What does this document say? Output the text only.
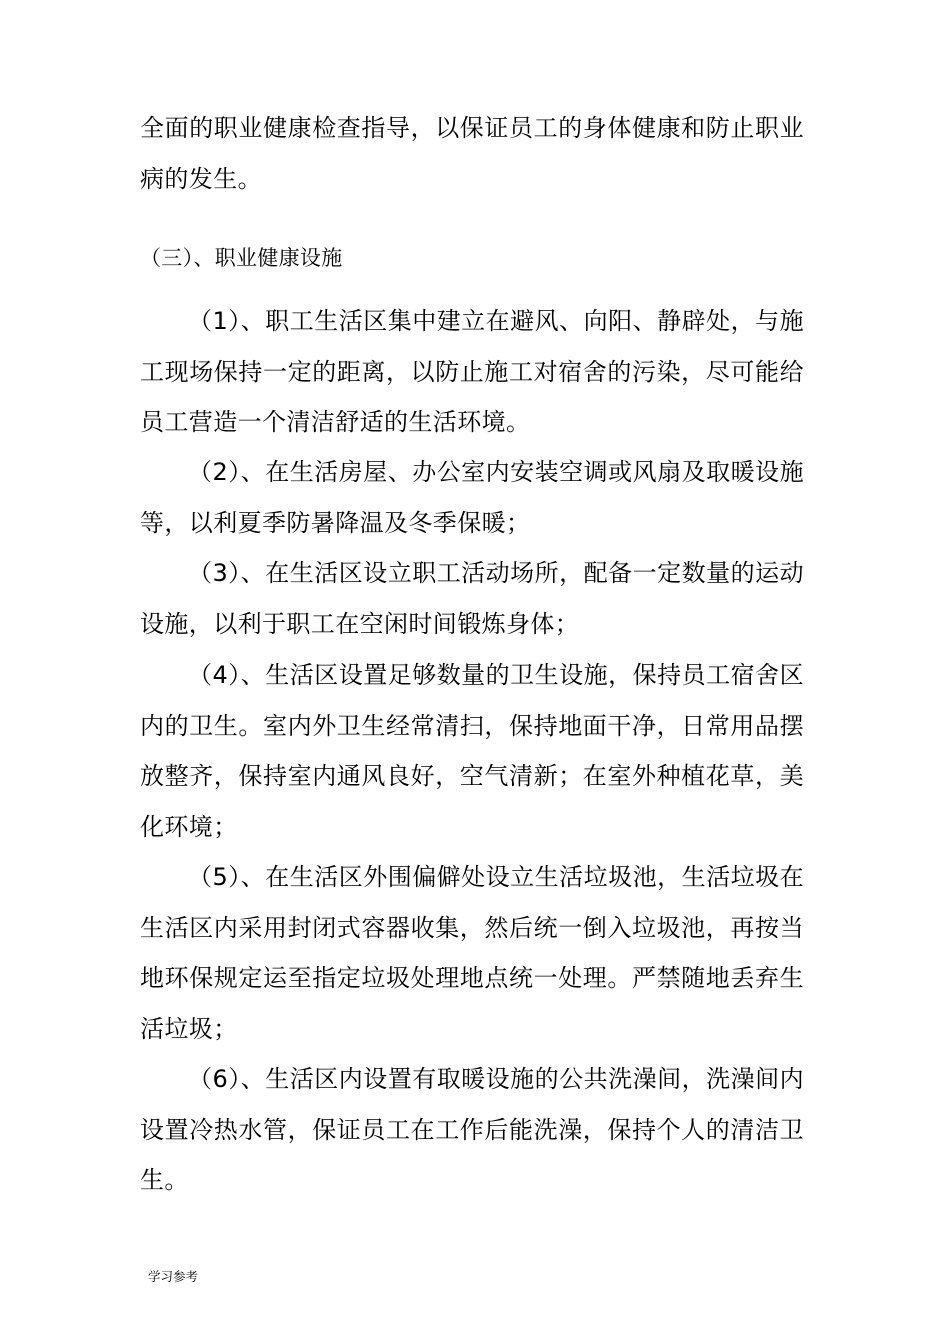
全面的职业健康检查指导，以保证员工的身体健康和防止职业病的发生。

（三）、职业健康设施

（1）、职工生活区集中建立在避风、向阳、静辟处，与施工现场保持一定的距离，以防止施工对宿舍的污染，尽可能给员工营造一个清洁舒适的生活环境。

（2）、在生活房屋、办公室内安装空调或风扇及取暖设施等，以利夏季防暑降温及冬季保暖；

（3）、在生活区设立职工活动场所，配备一定数量的运动设施，以利于职工在空闲时间锻炼身体；

（4）、生活区设置足够数量的卫生设施，保持员工宿舍区内的卫生。室内外卫生经常清扫，保持地面干净，日常用品摆放整齐，保持室内通风良好，空气清新；在室外种植花草，美化环境；

（5）、在生活区外围偏僻处设立生活垃圾池，生活垃圾在生活区内采用封闭式容器收集，然后统一倒入垃圾池，再按当地环保规定运至指定垃圾处理地点统一处理。严禁随地丢弃生活垃圾；

（6）、生活区内设置有取暖设施的公共洗澡间，洗澡间内设置冷热水管，保证员工在工作后能洗澡，保持个人的清洁卫生。

学习参考
